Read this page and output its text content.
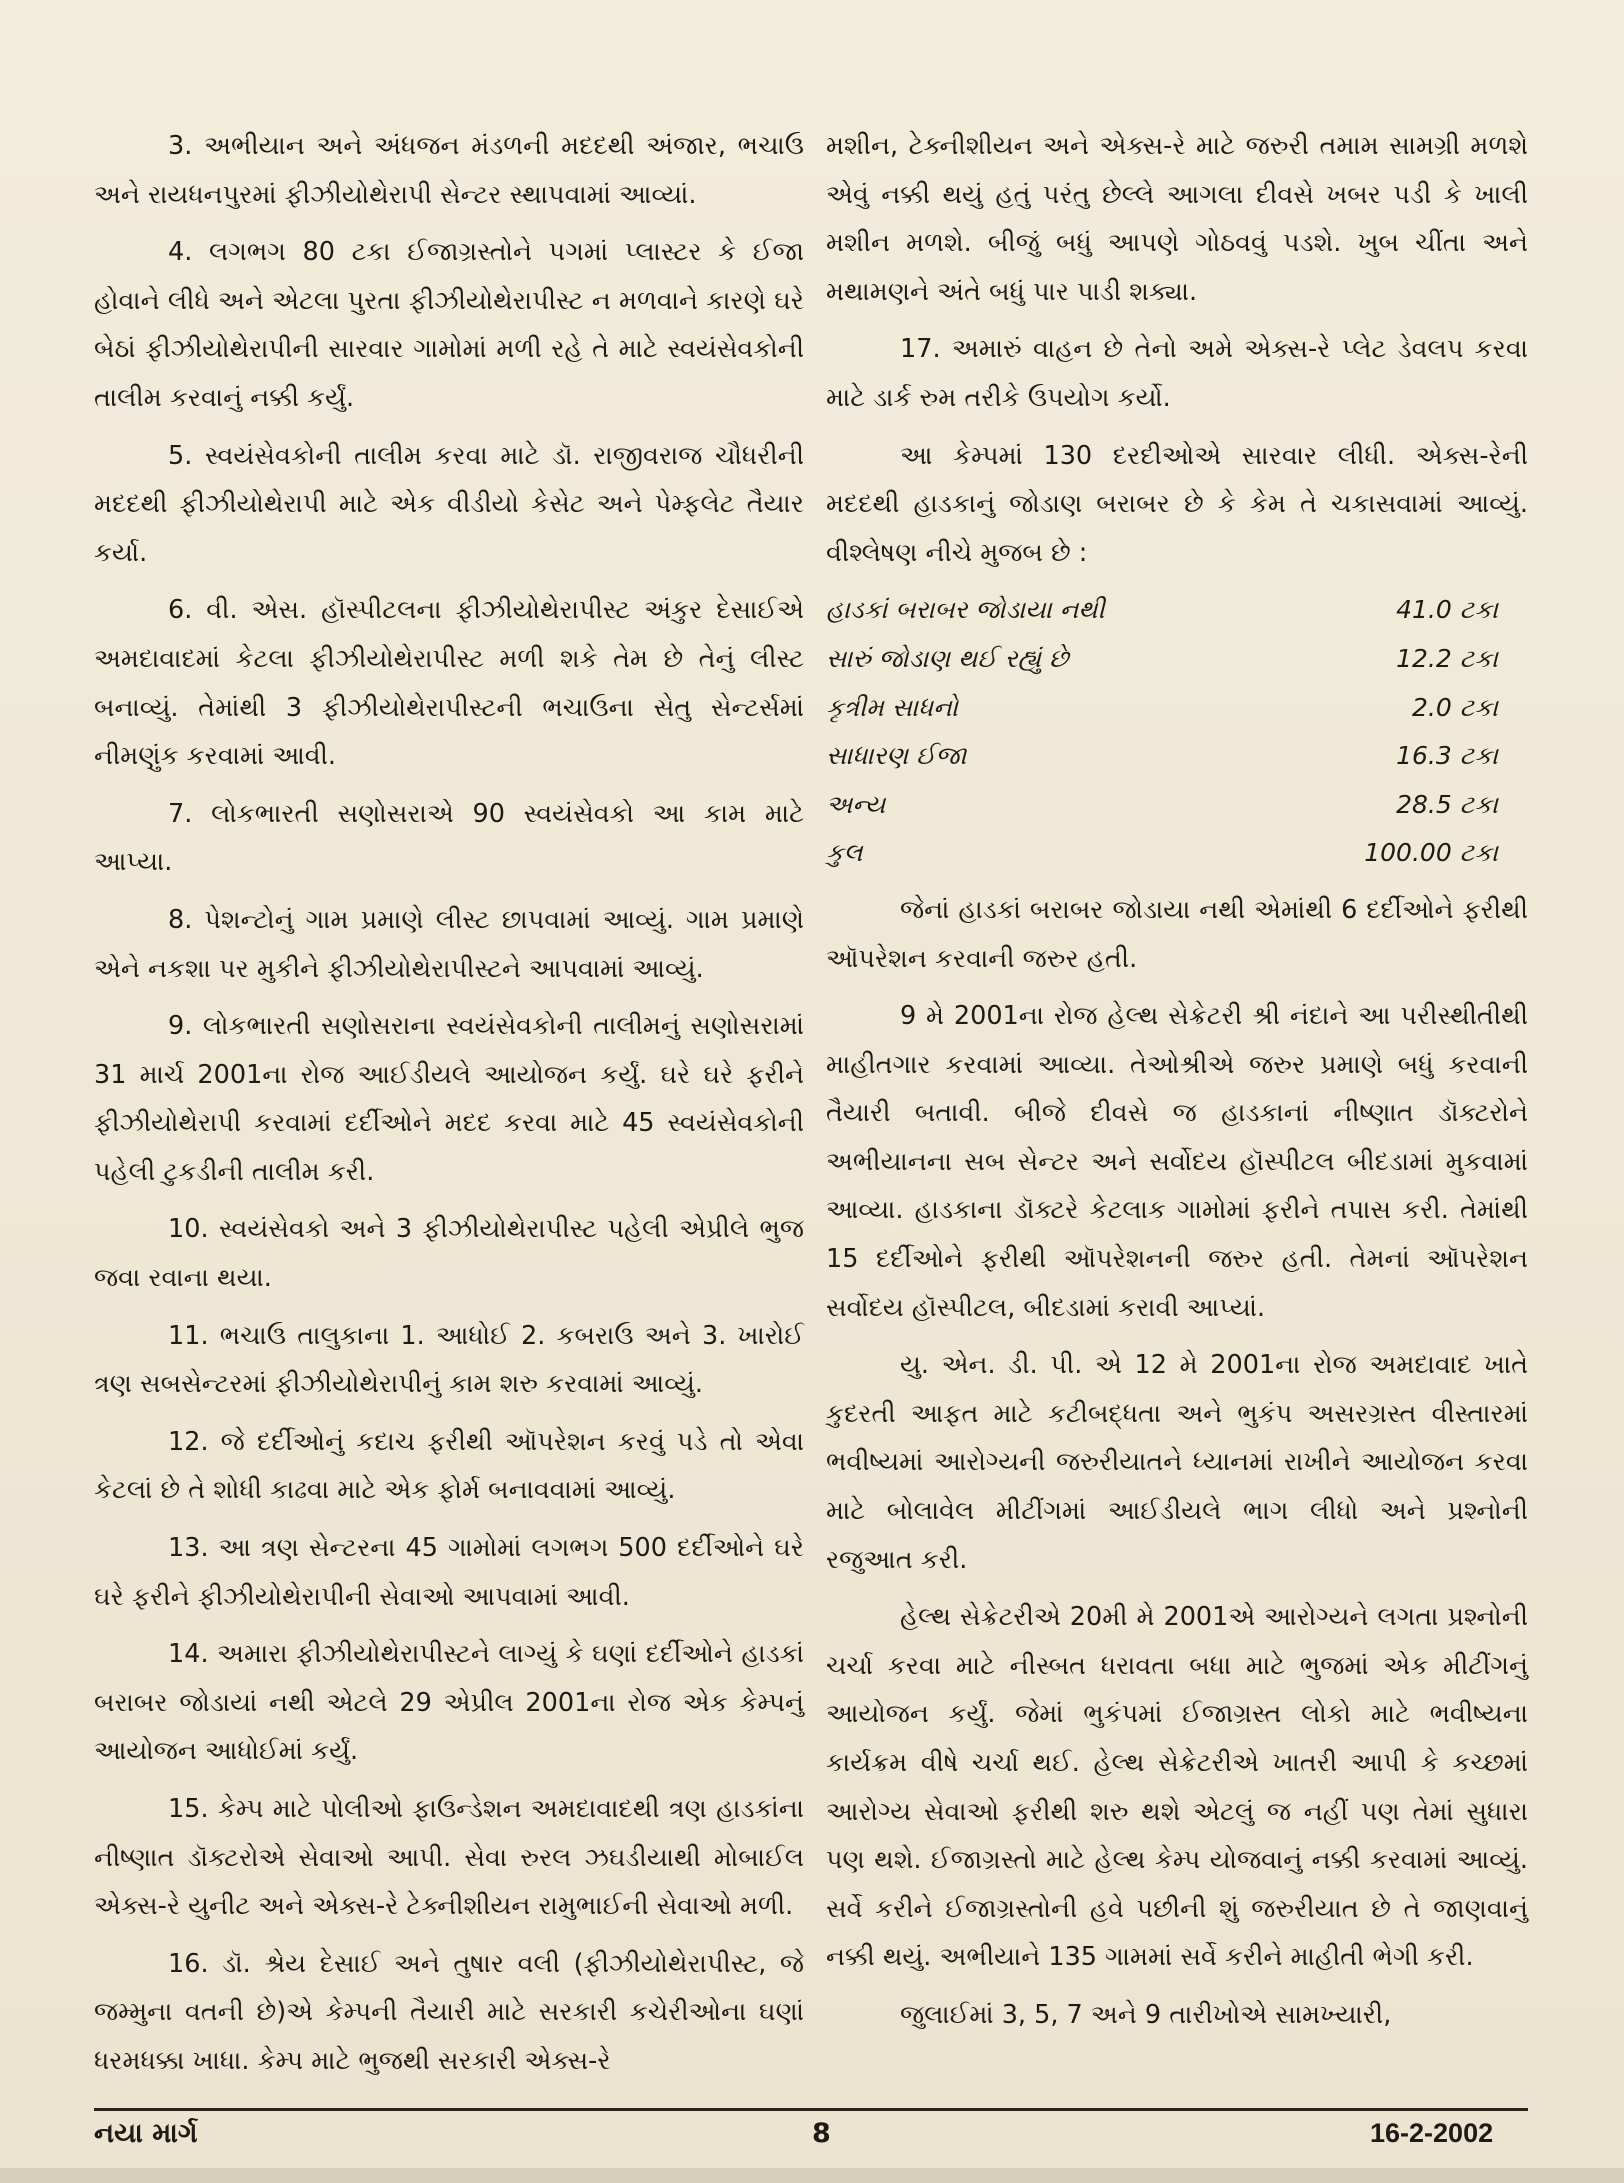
3. અભીયાન અને અંધજન મંડળની મદદથી અંજાર, ભચાઉ અને રાયધનપુરમાં ફીઝીયોથેરાપી સેન્ટર સ્થાપવામાં આવ્યાં.

4. લગભગ 80 ટકા ઈજાગ્રસ્તોને પગમાં પ્લાસ્ટર કે ઈજા હોવાને લીધે અને એટલા પુરતા ફીઝીયોથેરાપીસ્ટ ન મળવાને કારણે ઘરે બેઠાં ફીઝીયોથેરાપીની સારવાર ગામોમાં મળી રહે તે માટે સ્વયંસેવકોની તાલીમ કરવાનું નક્કી કર્યું.

5. સ્વયંસેવકોની તાલીમ કરવા માટે ડૉ. રાજીવરાજ ચૌધરીની મદદથી ફીઝીયોથેરાપી માટે એક વીડીયો કેસેટ અને પેમ્ફલેટ તૈયાર કર્યા.

6. વી. એસ. હૉસ્પીટલના ફીઝીયોથેરાપીસ્ટ અંકુર દેસાઈએ અમદાવાદમાં કેટલા ફીઝીયોથેરાપીસ્ટ મળી શકે તેમ છે તેનું લીસ્ટ બનાવ્યું. તેમાંથી 3 ફીઝીયોથેરાપીસ્ટની ભચાઉના સેતુ સેન્ટર્સમાં નીમણુંક કરવામાં આવી.

7. લોકભારતી સણોસરાએ 90 સ્વયંસેવકો આ કામ માટે આપ્યા.

8. પેશન્ટોનું ગામ પ્રમાણે લીસ્ટ છાપવામાં આવ્યું. ગામ પ્રમાણે એને નકશા પર મુકીને ફીઝીયોથેરાપીસ્ટને આપવામાં આવ્યું.

9. લોકભારતી સણોસરાના સ્વયંસેવકોની તાલીમનું સણોસરામાં 31 માર્ચ 2001ના રોજ આઈડીયલે આયોજન કર્યું. ઘરે ઘરે ફરીને ફીઝીયોથેરાપી કરવામાં દર્દીઓને મદદ કરવા માટે 45 સ્વયંસેવકોની પહેલી ટુકડીની તાલીમ કરી.

10. સ્વયંસેવકો અને 3 ફીઝીયોથેરાપીસ્ટ પહેલી એપ્રીલે ભુજ જવા રવાના થયા.

11. ભચાઉ તાલુકાના 1. આધોઈ 2. કબરાઉ અને 3. ખારોઈ ત્રણ સબસેન્ટરમાં ફીઝીયોથેરાપીનું કામ શરુ કરવામાં આવ્યું.

12. જે દર્દીઓનું કદાચ ફરીથી ઑપરેશન કરવું પડે તો એવા કેટલાં છે તે શોધી કાઢવા માટે એક ફોર્મ બનાવવામાં આવ્યું.

13. આ ત્રણ સેન્ટરના 45 ગામોમાં લગભગ 500 દર્દીઓને ઘરે ઘરે ફરીને ફીઝીયોથેરાપીની સેવાઓ આપવામાં આવી.

14. અમારા ફીઝીયોથેરાપીસ્ટને લાગ્યું કે ઘણાં દર્દીઓને હાડકાં બરાબર જોડાયાં નથી એટલે 29 એપ્રીલ 2001ના રોજ એક કેમ્પનું આયોજન આધોઈમાં કર્યું.

15. કેમ્પ માટે પોલીઓ ફાઉન્ડેશન અમદાવાદથી ત્રણ હાડકાંના નીષ્ણાત ડૉક્ટરોએ સેવાઓ આપી. સેવા રુરલ ઝઘડીયાથી મોબાઈલ એક્સ-રે યુનીટ અને એક્સ-રે ટેક્નીશીયન રામુભાઈની સેવાઓ મળી.

16. ડૉ. શ્રેય દેસાઈ અને તુષાર વલી (ફીઝીયોથેરાપીસ્ટ, જે જમ્મુના વતની છે)એ કેમ્પની તૈયારી માટે સરકારી કચેરીઓના ઘણાં ધરમધક્કા ખાધા. કેમ્પ માટે ભુજથી સરકારી એક્સ-રે

મશીન, ટેક્નીશીયન અને એક્સ-રે માટે જરુરી તમામ સામગ્રી મળશે એવું નક્કી થયું હતું પરંતુ છેલ્લે આગલા દીવસે ખબર પડી કે ખાલી મશીન મળશે. બીજું બધું આપણે ગોઠવવું પડશે. ખુબ ચીંતા અને મથામણને અંતે બધું પાર પાડી શક્યા.

17. અમારું વાહન છે તેનો અમે એક્સ-રે પ્લેટ ડેવલપ કરવા માટે ડાર્ક રુમ તરીકે ઉપયોગ કર્યો.

આ કેમ્પમાં 130 દરદીઓએ સારવાર લીધી. એક્સ-રેની મદદથી હાડકાનું જોડાણ બરાબર છે કે કેમ તે ચકાસવામાં આવ્યું. વીશ્લેષણ નીચે મુજબ છે :

હાડકાં બરાબર જોડાયા નથી	41.0 ટકા
સારું જોડાણ થઈ રહ્યું છે	12.2 ટકા
કૃત્રીમ સાધનો	2.0 ટકા
સાધારણ ઈજા	16.3 ટકા
અન્ય	28.5 ટકા
કુલ	100.00 ટકા

જેનાં હાડકાં બરાબર જોડાયા નથી એમાંથી 6 દર્દીઓને ફરીથી ઑપરેશન કરવાની જરુર હતી.

9 મે 2001ના રોજ હેલ્થ સેક્રેટરી શ્રી નંદાને આ પરીસ્થીતીથી માહીતગાર કરવામાં આવ્યા. તેઓશ્રીએ જરુર પ્રમાણે બધું કરવાની તૈયારી બતાવી. બીજે દીવસે જ હાડકાનાં નીષ્ણાત ડૉક્ટરોને અભીયાનના સબ સેન્ટર અને સર્વોદય હૉસ્પીટલ બીદડામાં મુકવામાં આવ્યા. હાડકાના ડૉક્ટરે કેટલાક ગામોમાં ફરીને તપાસ કરી. તેમાંથી 15 દર્દીઓને ફરીથી ઑપરેશનની જરુર હતી. તેમનાં ઑપરેશન સર્વોદય હૉસ્પીટલ, બીદડામાં કરાવી આપ્યાં.

યુ. એન. ડી. પી. એ 12 મે 2001ના રોજ અમદાવાદ ખાતે કુદરતી આફત માટે કટીબદ્ધતા અને ભુકંપ અસરગ્રસ્ત વીસ્તારમાં ભવીષ્યમાં આરોગ્યની જરુરીયાતને ધ્યાનમાં રાખીને આયોજન કરવા માટે બોલાવેલ મીટીંગમાં આઈડીયલે ભાગ લીધો અને પ્રશ્નોની રજુઆત કરી.

હેલ્થ સેક્રેટરીએ 20મી મે 2001એ આરોગ્યને લગતા પ્રશ્નોની ચર્ચા કરવા માટે નીસ્બત ધરાવતા બધા માટે ભુજમાં એક મીટીંગનું આયોજન કર્યું. જેમાં ભુકંપમાં ઈજાગ્રસ્ત લોકો માટે ભવીષ્યના કાર્યક્રમ વીષે ચર્ચા થઈ. હેલ્થ સેક્રેટરીએ ખાતરી આપી કે કચ્છમાં આરોગ્ય સેવાઓ ફરીથી શરુ થશે એટલું જ નહીં પણ તેમાં સુધારા પણ થશે. ઈજાગ્રસ્તો માટે હેલ્થ કેમ્પ યોજવાનું નક્કી કરવામાં આવ્યું. સર્વે કરીને ઈજાગ્રસ્તોની હવે પછીની શું જરુરીયાત છે તે જાણવાનું નક્કી થયું. અભીયાને 135 ગામમાં સર્વે કરીને માહીતી ભેગી કરી.

જુલાઈમાં 3, 5, 7 અને 9 તારીખોએ સામખ્યારી,

નયા માર્ગ	8	16-2-2002
